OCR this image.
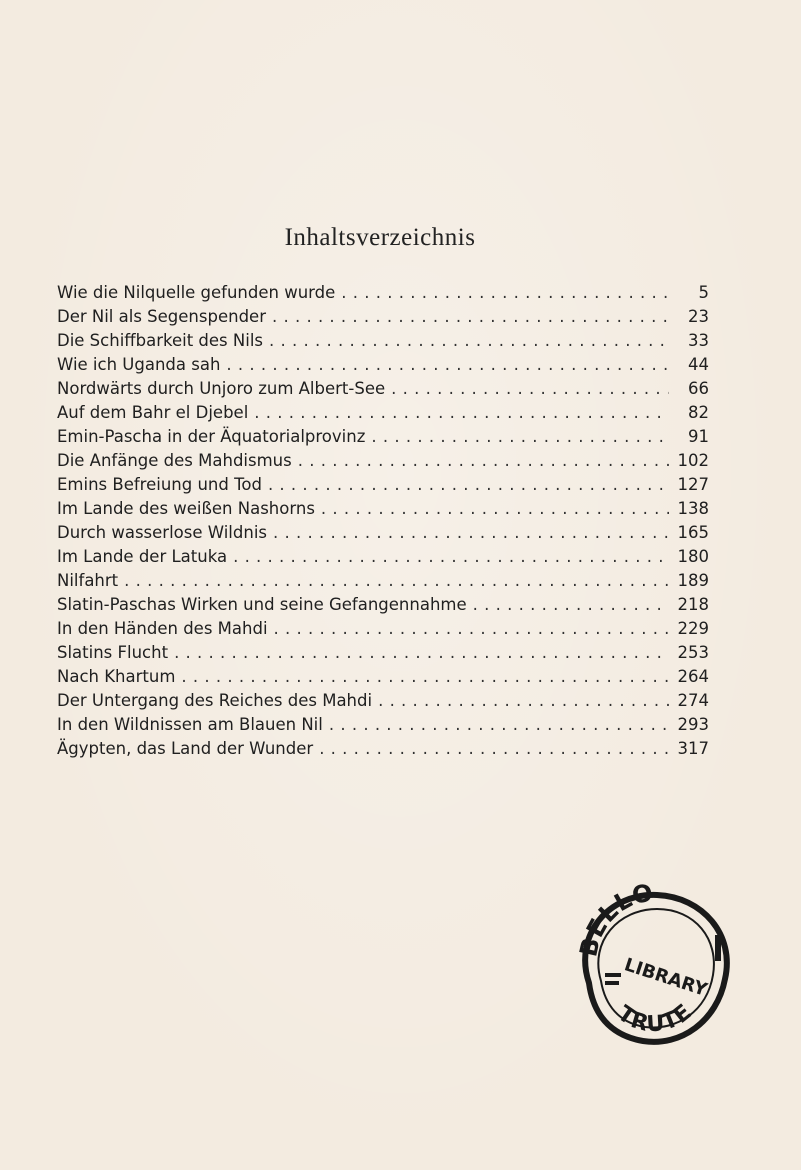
Inhaltsverzeichnis
Wie die Nilquelle gefunden wurde . . .	5
Der Nil als Segenspender . . .	23
Die Schiffbarkeit des Nils . . .	33
Wie ich Uganda sah . . .	44
Nordwärts durch Unjoro zum Albert-See . . .	66
Auf dem Bahr el Djebel . . .	82
Emin-Pascha in der Äquatorialprovinz . . .	91
Die Anfänge des Mahdismus . . .	102
Emins Befreiung und Tod . . .	127
Im Lande des weißen Nashorns . . .	138
Durch wasserlose Wildnis . . .	165
Im Lande der Latuka . . .	180
Nilfahrt . . .	189
Slatin-Paschas Wirken und seine Gefangennahme . . .	218
In den Händen des Mahdi . . .	229
Slatins Flucht . . .	253
Nach Khartum . . .	264
Der Untergang des Reiches des Mahdi . . .	274
In den Wildnissen am Blauen Nil . . .	293
Ägypten, das Land der Wunder . . .	317
BELLO
LIBRARY
TRUTE
